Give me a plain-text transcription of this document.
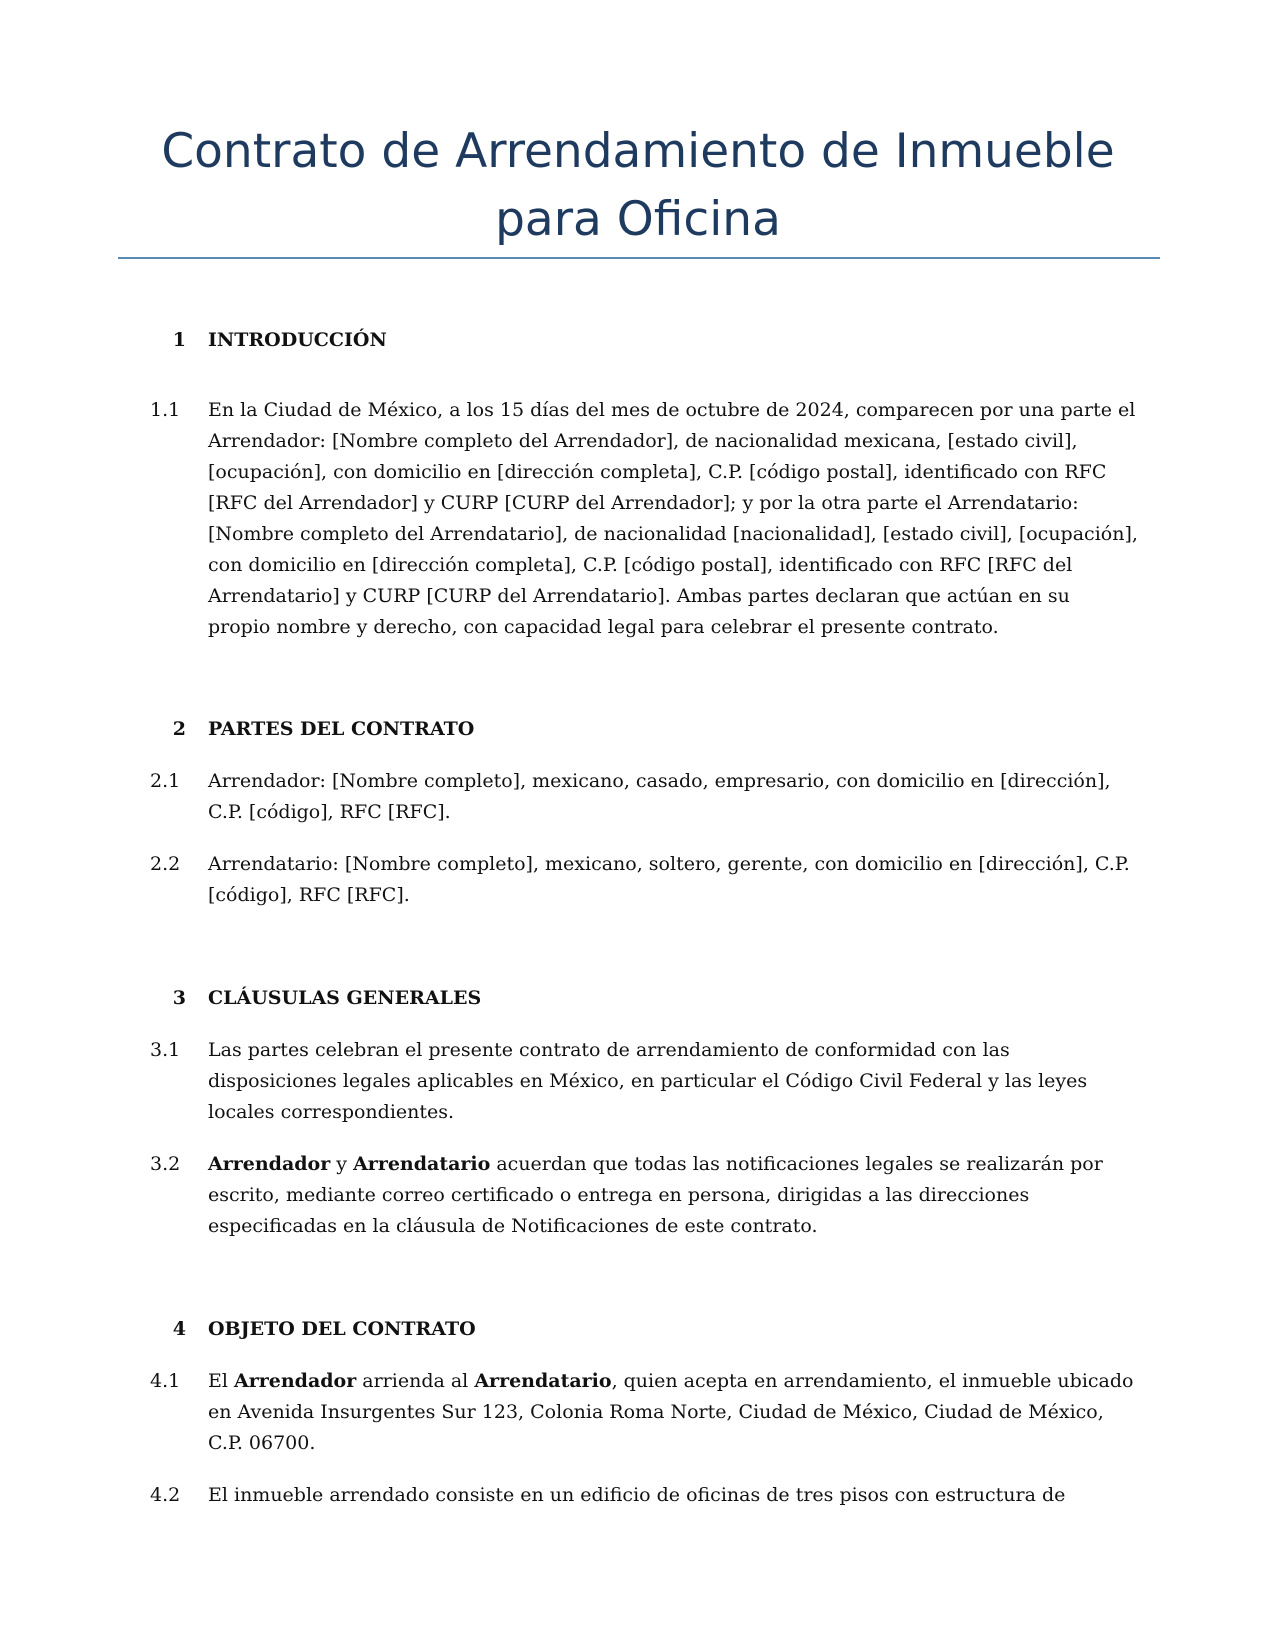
Contrato de Arrendamiento de Inmueble para Oficina
1 INTRODUCCIÓN
1.1	En la Ciudad de México, a los 15 días del mes de octubre de 2024, comparecen por una parte el Arrendador: [Nombre completo del Arrendador], de nacionalidad mexicana, [estado civil], [ocupación], con domicilio en [dirección completa], C.P. [código postal], identificado con RFC [RFC del Arrendador] y CURP [CURP del Arrendador]; y por la otra parte el Arrendatario: [Nombre completo del Arrendatario], de nacionalidad [nacionalidad], [estado civil], [ocupación], con domicilio en [dirección completa], C.P. [código postal], identificado con RFC [RFC del Arrendatario] y CURP [CURP del Arrendatario]. Ambas partes declaran que actúan en su propio nombre y derecho, con capacidad legal para celebrar el presente contrato.
2 PARTES DEL CONTRATO
2.1	Arrendador: [Nombre completo], mexicano, casado, empresario, con domicilio en [dirección], C.P. [código], RFC [RFC].
2.2	Arrendatario: [Nombre completo], mexicano, soltero, gerente, con domicilio en [dirección], C.P. [código], RFC [RFC].
3 CLÁUSULAS GENERALES
3.1	Las partes celebran el presente contrato de arrendamiento de conformidad con las disposiciones legales aplicables en México, en particular el Código Civil Federal y las leyes locales correspondientes.
3.2	Arrendador y Arrendatario acuerdan que todas las notificaciones legales se realizarán por escrito, mediante correo certificado o entrega en persona, dirigidas a las direcciones especificadas en la cláusula de Notificaciones de este contrato.
4 OBJETO DEL CONTRATO
4.1	El Arrendador arrienda al Arrendatario, quien acepta en arrendamiento, el inmueble ubicado en Avenida Insurgentes Sur 123, Colonia Roma Norte, Ciudad de México, Ciudad de México, C.P. 06700.
4.2	El inmueble arrendado consiste en un edificio de oficinas de tres pisos con estructura de
